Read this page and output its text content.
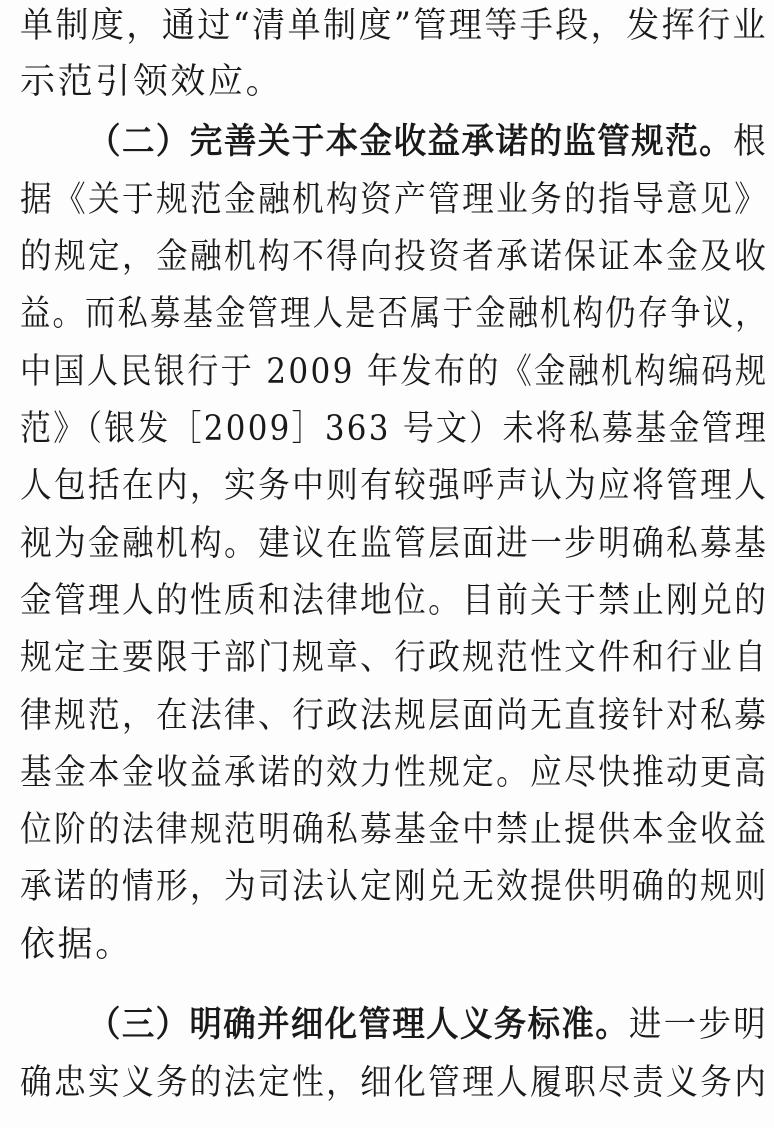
单制度，通过“清单制度”管理等手段，发挥行业
示范引领效应。
（二）完善关于本金收益承诺的监管规范。根
据《关于规范金融机构资产管理业务的指导意见》
的规定，金融机构不得向投资者承诺保证本金及收
益。而私募基金管理人是否属于金融机构仍存争议，
中国人民银行于 2009 年发布的《金融机构编码规
范》（银发［2009］363 号文）未将私募基金管理
人包括在内，实务中则有较强呼声认为应将管理人
视为金融机构。建议在监管层面进一步明确私募基
金管理人的性质和法律地位。目前关于禁止刚兑的
规定主要限于部门规章、行政规范性文件和行业自
律规范，在法律、行政法规层面尚无直接针对私募
基金本金收益承诺的效力性规定。应尽快推动更高
位阶的法律规范明确私募基金中禁止提供本金收益
承诺的情形，为司法认定刚兑无效提供明确的规则
依据。
（三）明确并细化管理人义务标准。进一步明
确忠实义务的法定性，细化管理人履职尽责义务内
